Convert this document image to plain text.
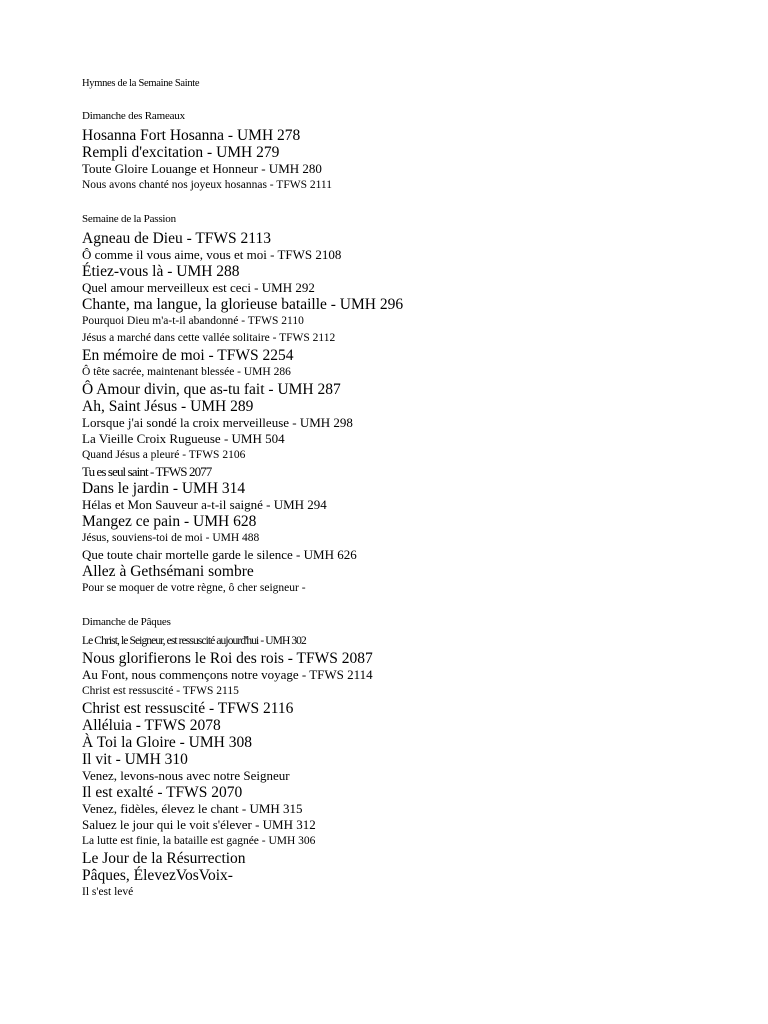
Hymnes de la Semaine Sainte
Dimanche des Rameaux
Hosanna Fort Hosanna - UMH 278
Rempli d'excitation - UMH 279
Toute Gloire Louange et Honneur - UMH 280
Nous avons chanté nos joyeux hosannas - TFWS 2111
Semaine de la Passion
Agneau de Dieu - TFWS 2113
Ô comme il vous aime, vous et moi - TFWS 2108
Étiez-vous là - UMH 288
Quel amour merveilleux est ceci - UMH 292
Chante, ma langue, la glorieuse bataille - UMH 296
Pourquoi Dieu m'a-t-il abandonné - TFWS 2110
Jésus a marché dans cette vallée solitaire - TFWS 2112
En mémoire de moi - TFWS 2254
Ô tête sacrée, maintenant blessée - UMH 286
Ô Amour divin, que as-tu fait - UMH 287
Ah, Saint Jésus - UMH 289
Lorsque j'ai sondé la croix merveilleuse - UMH 298
La Vieille Croix Rugueuse - UMH 504
Quand Jésus a pleuré - TFWS 2106
Tu es seul saint - TFWS 2077
Dans le jardin - UMH 314
Hélas et Mon Sauveur a-t-il saigné - UMH 294
Mangez ce pain - UMH 628
Jésus, souviens-toi de moi - UMH 488
Que toute chair mortelle garde le silence - UMH 626
Allez à Gethsémani sombre
Pour se moquer de votre règne, ô cher seigneur -
Dimanche de Pâques
Le Christ, le Seigneur, est ressuscité aujourd'hui - UMH 302
Nous glorifierons le Roi des rois - TFWS 2087
Au Font, nous commençons notre voyage - TFWS 2114
Christ est ressuscité - TFWS 2115
Christ est ressuscité - TFWS 2116
Alléluia - TFWS 2078
À Toi la Gloire - UMH 308
Il vit - UMH 310
Venez, levons-nous avec notre Seigneur
Il est exalté - TFWS 2070
Venez, fidèles, élevez le chant - UMH 315
Saluez le jour qui le voit s'élever - UMH 312
La lutte est finie, la bataille est gagnée - UMH 306
Le Jour de la Résurrection
Pâques, ÉlevezVosVoix-
Il s'est levé
